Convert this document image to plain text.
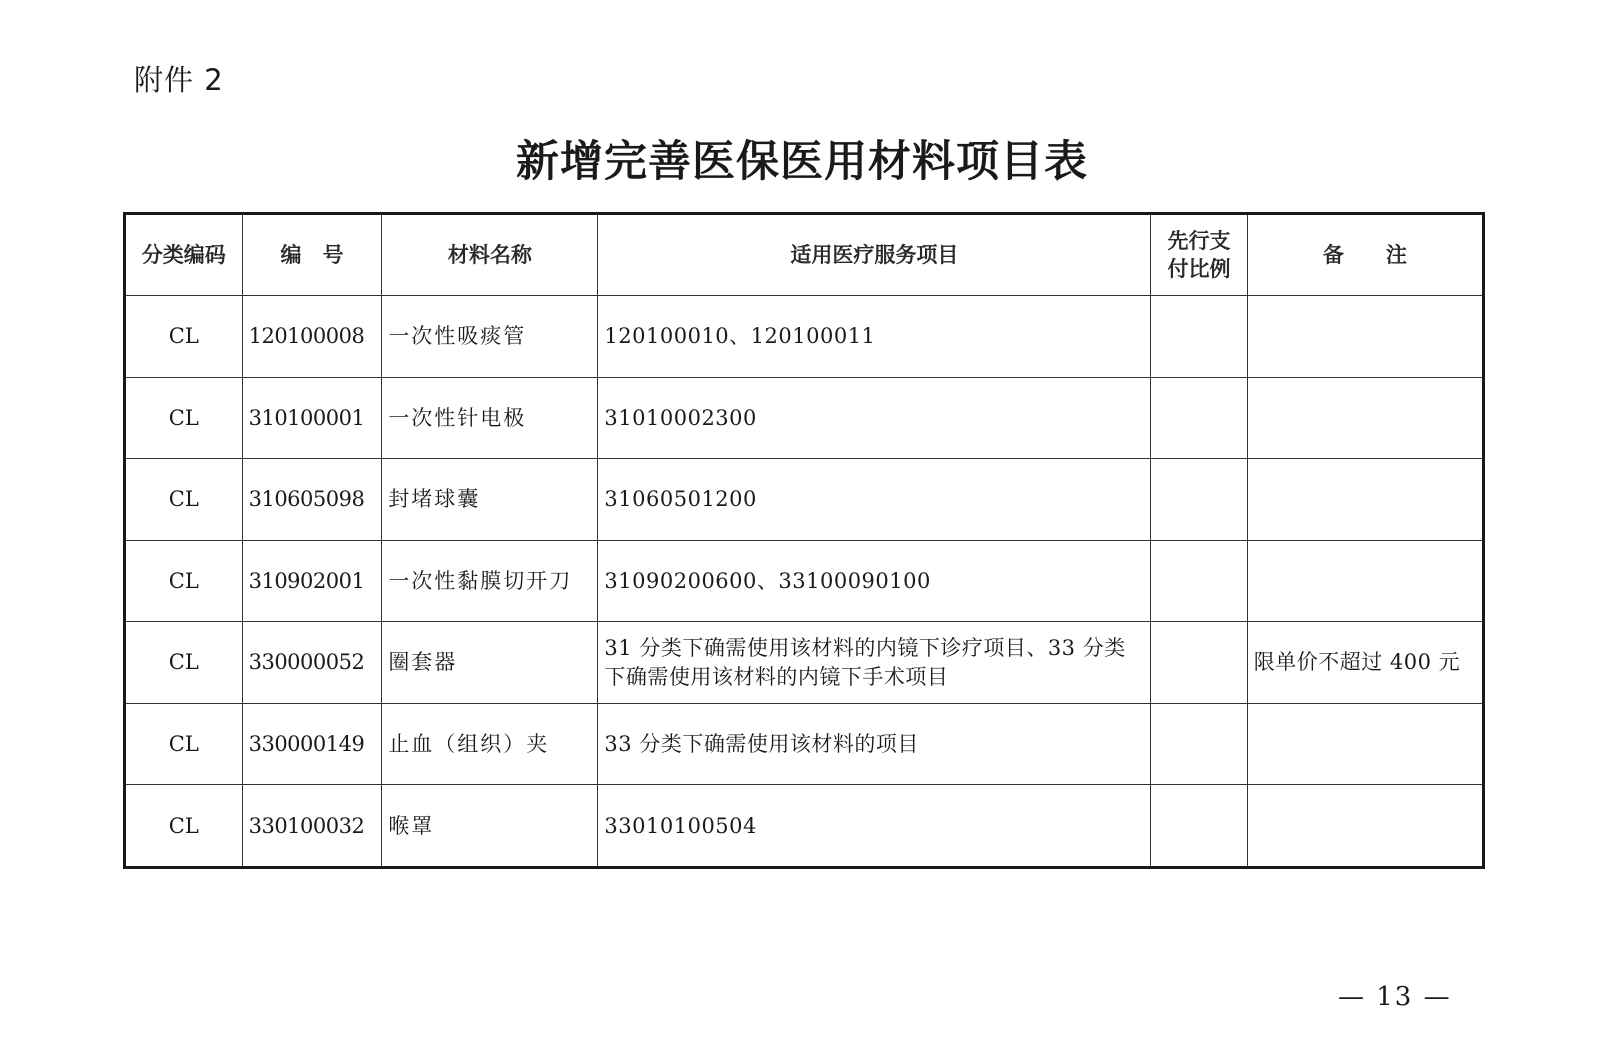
附件 2
新增完善医保医用材料项目表
分类编码	编　号	材料名称	适用医疗服务项目	先行支付比例	备　　注
CL	120100008	一次性吸痰管	120100010、120100011		
CL	310100001	一次性针电极	31010002300		
CL	310605098	封堵球囊	31060501200		
CL	310902001	一次性黏膜切开刀	31090200600、33100090100		
CL	330000052	圈套器	31 分类下确需使用该材料的内镜下诊疗项目、33 分类下确需使用该材料的内镜下手术项目		限单价不超过 400 元
CL	330000149	止血（组织）夹	33 分类下确需使用该材料的项目		
CL	330100032	喉罩	33010100504		
— 13 —
